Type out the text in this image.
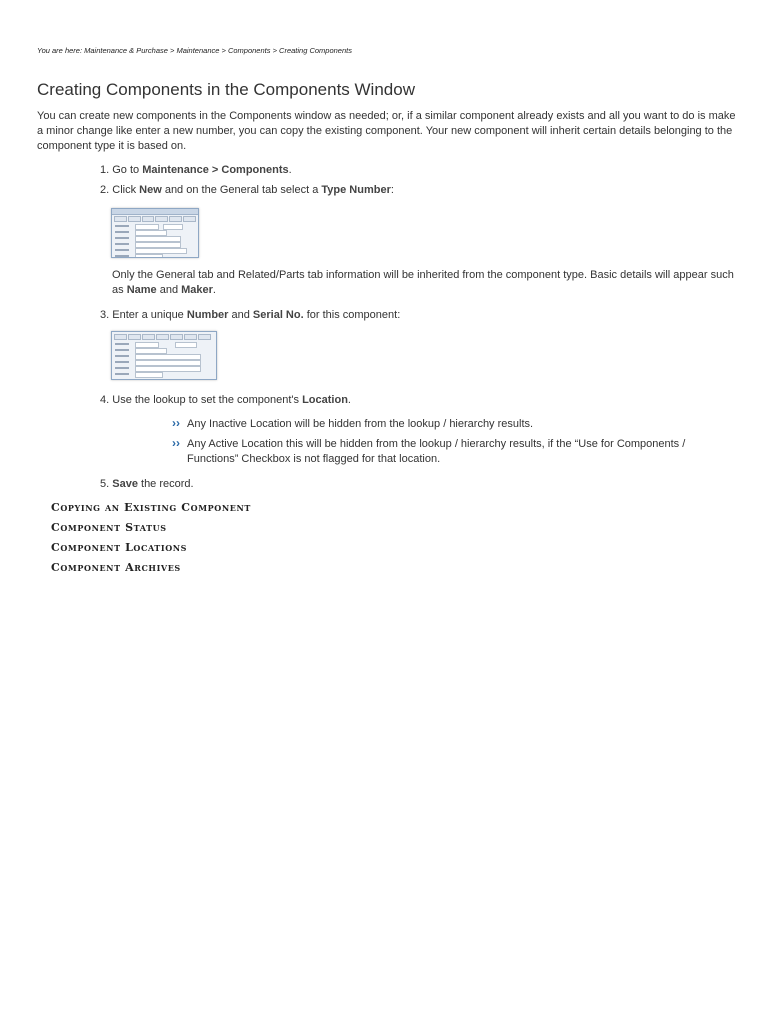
You are here: Maintenance & Purchase > Maintenance > Components > Creating Components
Creating Components in the Components Window

You can create new components in the Components window as needed; or, if a similar component already exists and all you want to do is make a minor change like enter a new number, you can copy the existing component. Your new component will inherit certain details belonging to the component type it is based on.

1. Go to Maintenance > Components.
2. Click New and on the General tab select a Type Number:
Only the General tab and Related/Parts tab information will be inherited from the component type. Basic details will appear such as Name and Maker.
3. Enter a unique Number and Serial No. for this component:
4. Use the lookup to set the component's Location.
›› Any Inactive Location will be hidden from the lookup / hierarchy results.
›› Any Active Location this will be hidden from the lookup / hierarchy results, if the “Use for Components / Functions” Checkbox is not flagged for that location.
5. Save the record.
Copying an Existing Component
Component Status
Component Locations
Component Archives
